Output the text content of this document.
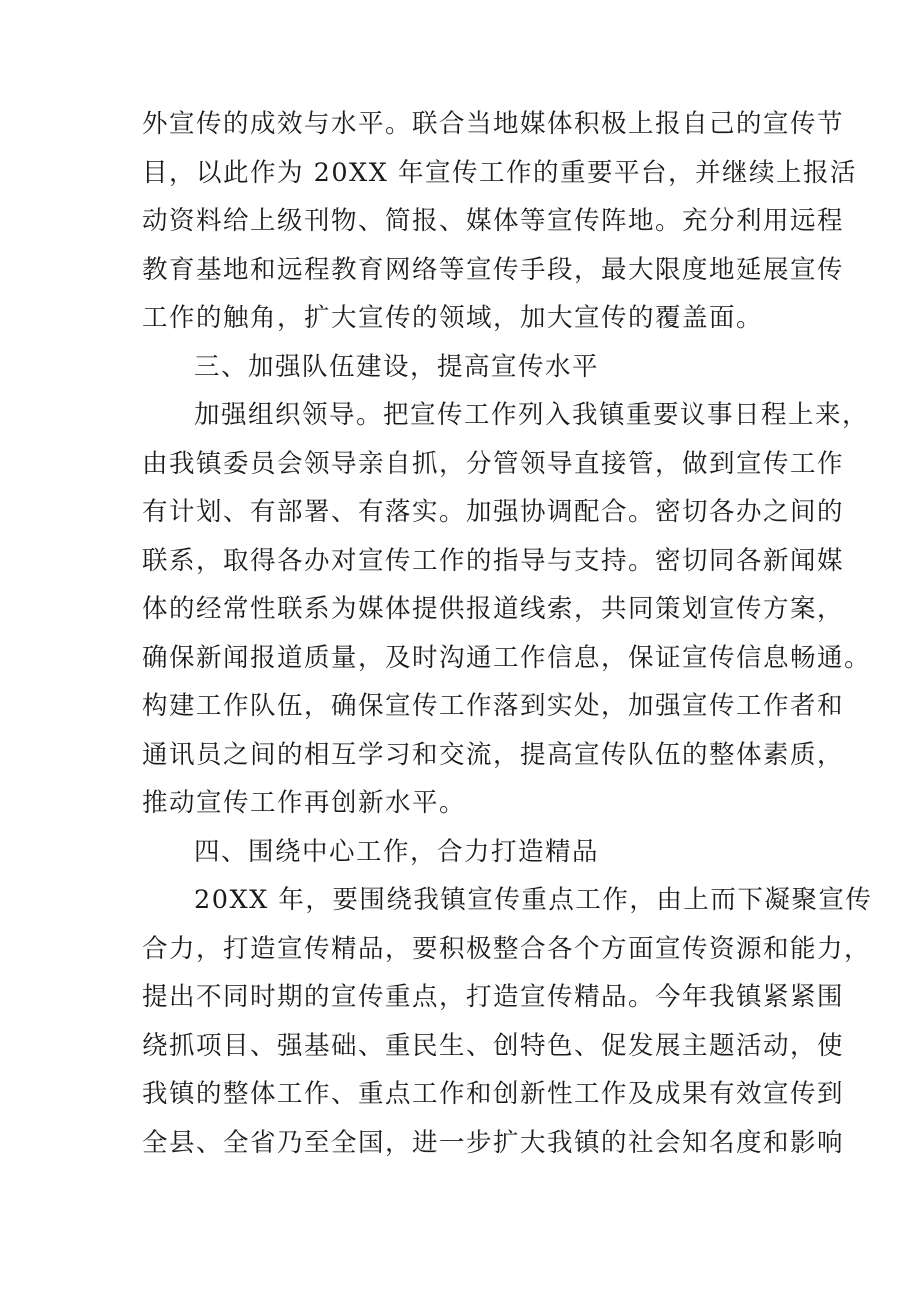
外宣传的成效与水平。联合当地媒体积极上报自己的宣传节
目，以此作为 20XX 年宣传工作的重要平台，并继续上报活
动资料给上级刊物、简报、媒体等宣传阵地。充分利用远程
教育基地和远程教育网络等宣传手段，最大限度地延展宣传
工作的触角，扩大宣传的领域，加大宣传的覆盖面。
三、加强队伍建设，提高宣传水平
加强组织领导。把宣传工作列入我镇重要议事日程上来，
由我镇委员会领导亲自抓，分管领导直接管，做到宣传工作
有计划、有部署、有落实。加强协调配合。密切各办之间的
联系，取得各办对宣传工作的指导与支持。密切同各新闻媒
体的经常性联系为媒体提供报道线索，共同策划宣传方案，
确保新闻报道质量，及时沟通工作信息，保证宣传信息畅通。
构建工作队伍，确保宣传工作落到实处，加强宣传工作者和
通讯员之间的相互学习和交流，提高宣传队伍的整体素质，
推动宣传工作再创新水平。
四、围绕中心工作，合力打造精品
20XX 年，要围绕我镇宣传重点工作，由上而下凝聚宣传
合力，打造宣传精品，要积极整合各个方面宣传资源和能力，
提出不同时期的宣传重点，打造宣传精品。今年我镇紧紧围
绕抓项目、强基础、重民生、创特色、促发展主题活动，使
我镇的整体工作、重点工作和创新性工作及成果有效宣传到
全县、全省乃至全国，进一步扩大我镇的社会知名度和影响
